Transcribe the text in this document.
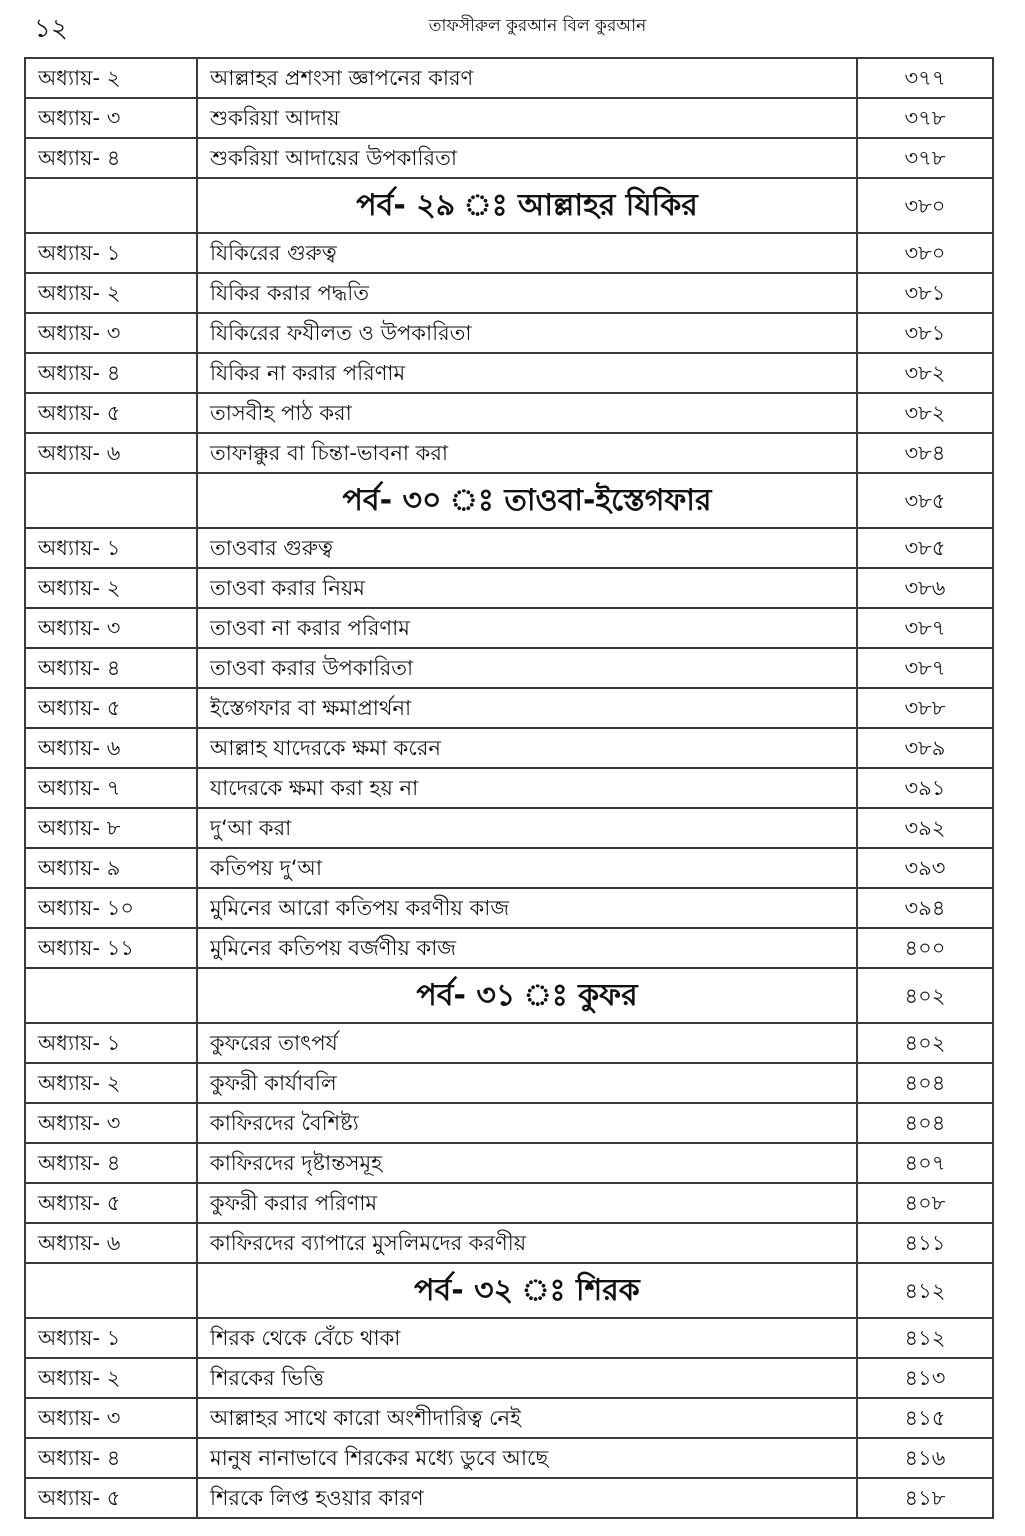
১২	তাফসীরুল কুরআন বিল কুরআন
অধ্যায়- ২	আল্লাহর প্রশংসা জ্ঞাপনের কারণ	৩৭৭
অধ্যায়- ৩	শুকরিয়া আদায়	৩৭৮
অধ্যায়- ৪	শুকরিয়া আদায়ের উপকারিতা	৩৭৮
	পর্ব- ২৯ ঃ আল্লাহর যিকির	৩৮০
অধ্যায়- ১	যিকিরের গুরুত্ব	৩৮০
অধ্যায়- ২	যিকির করার পদ্ধতি	৩৮১
অধ্যায়- ৩	যিকিরের ফযীলত ও উপকারিতা	৩৮১
অধ্যায়- ৪	যিকির না করার পরিণাম	৩৮২
অধ্যায়- ৫	তাসবীহ পাঠ করা	৩৮২
অধ্যায়- ৬	তাফাক্কুর বা চিন্তা-ভাবনা করা	৩৮৪
	পর্ব- ৩০ ঃ তাওবা-ইস্তেগফার	৩৮৫
অধ্যায়- ১	তাওবার গুরুত্ব	৩৮৫
অধ্যায়- ২	তাওবা করার নিয়ম	৩৮৬
অধ্যায়- ৩	তাওবা না করার পরিণাম	৩৮৭
অধ্যায়- ৪	তাওবা করার উপকারিতা	৩৮৭
অধ্যায়- ৫	ইস্তেগফার বা ক্ষমাপ্রার্থনা	৩৮৮
অধ্যায়- ৬	আল্লাহ যাদেরকে ক্ষমা করেন	৩৮৯
অধ্যায়- ৭	যাদেরকে ক্ষমা করা হয় না	৩৯১
অধ্যায়- ৮	দু‘আ করা	৩৯২
অধ্যায়- ৯	কতিপয় দু‘আ	৩৯৩
অধ্যায়- ১০	মুমিনের আরো কতিপয় করণীয় কাজ	৩৯৪
অধ্যায়- ১১	মুমিনের কতিপয় বর্জণীয় কাজ	৪০০
	পর্ব- ৩১ ঃ কুফর	৪০২
অধ্যায়- ১	কুফরের তাৎপর্য	৪০২
অধ্যায়- ২	কুফরী কার্যাবলি	৪০৪
অধ্যায়- ৩	কাফিরদের বৈশিষ্ট্য	৪০৪
অধ্যায়- ৪	কাফিরদের দৃষ্টান্তসমূহ	৪০৭
অধ্যায়- ৫	কুফরী করার পরিণাম	৪০৮
অধ্যায়- ৬	কাফিরদের ব্যাপারে মুসলিমদের করণীয়	৪১১
	পর্ব- ৩২ ঃ শিরক	৪১২
অধ্যায়- ১	শিরক থেকে বেঁচে থাকা	৪১২
অধ্যায়- ২	শিরকের ভিত্তি	৪১৩
অধ্যায়- ৩	আল্লাহর সাথে কারো অংশীদারিত্ব নেই	৪১৫
অধ্যায়- ৪	মানুষ নানাভাবে শিরকের মধ্যে ডুবে আছে	৪১৬
অধ্যায়- ৫	শিরকে লিপ্ত হওয়ার কারণ	৪১৮
